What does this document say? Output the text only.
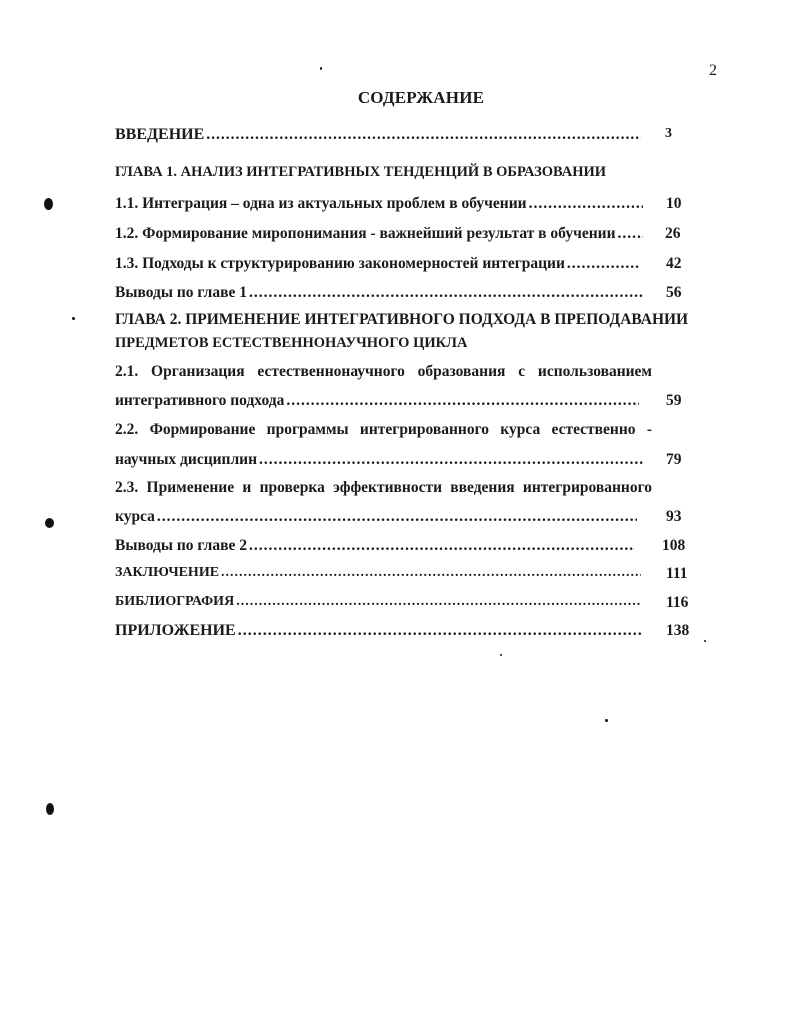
2
СОДЕРЖАНИЕ
ВВЕДЕНИЕ .....	3
ГЛАВА 1. АНАЛИЗ ИНТЕГРАТИВНЫХ ТЕНДЕНЦИЙ В ОБРАЗОВАНИИ
1.1. Интеграция – одна из актуальных проблем в обучении .....	10
1.2. Формирование миропонимания - важнейший результат в обучении .....	26
1.3. Подходы к структурированию закономерностей интеграции .....	42
Выводы по главе 1 .....	56
ГЛАВА 2. ПРИМЕНЕНИЕ ИНТЕГРАТИВНОГО ПОДХОДА В ПРЕПОДАВАНИИ
ПРЕДМЕТОВ ЕСТЕСТВЕННОНАУЧНОГО ЦИКЛА
2.1. Организация естественнонаучного образования с использованием
интегративного подхода .....	59
2.2. Формирование программы интегрированного курса естественно -
научных дисциплин .....	79
2.3. Применение и проверка эффективности введения интегрированного
курса .....	93
Выводы по главе 2 .....	108
ЗАКЛЮЧЕНИЕ .....	111
БИБЛИОГРАФИЯ .....	116
ПРИЛОЖЕНИЕ .....	138
